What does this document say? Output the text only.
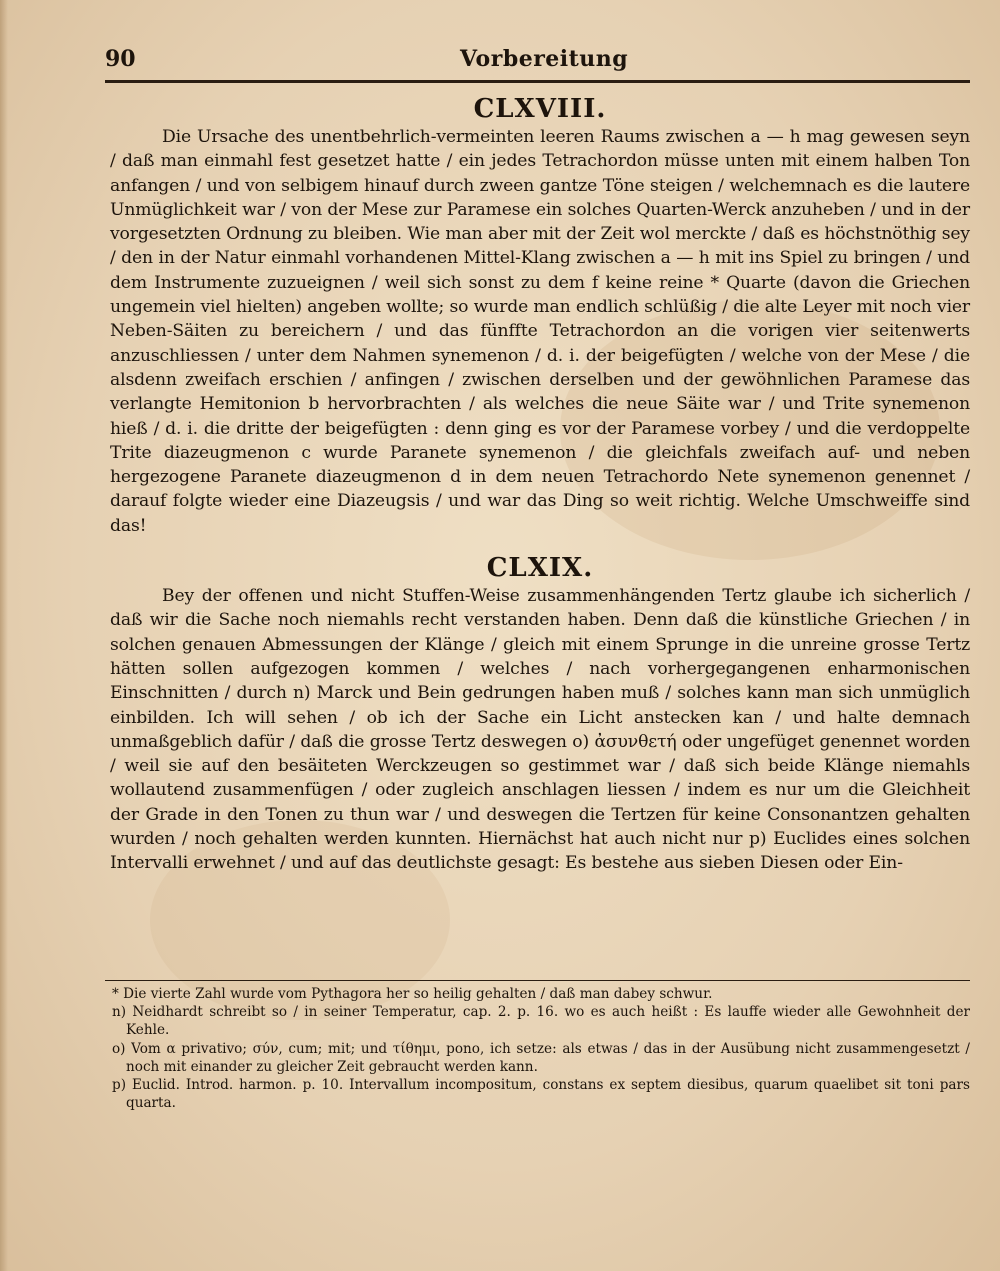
90	Vorbereitung
CLXVIII.

Die Ursache des unentbehrlich-vermeinten leeren Raums zwischen a — h mag gewesen seyn / daß man einmahl fest gesetzet hatte / ein jedes Tetrachordon müsse unten mit einem halben Ton anfangen / und von selbigem hinauf durch zween gantze Töne steigen / welchemnach es die lautere Unmüglichkeit war / von der Mese zur Paramese ein solches Quarten-Werck anzuheben / und in der vorgesetzten Ordnung zu bleiben. Wie man aber mit der Zeit wol merckte / daß es höchstnöthig sey / den in der Natur einmahl vorhandenen Mittel-Klang zwischen a — h mit ins Spiel zu bringen / und dem Instrumente zuzueignen / weil sich sonst zu dem f keine reine * Quarte (davon die Griechen ungemein viel hielten) angeben wollte; so wurde man endlich schlüßig / die alte Leyer mit noch vier Neben-Säiten zu bereichern / und das fünffte Tetrachordon an die vorigen vier seitenwerts anzuschliessen / unter dem Nahmen synemenon / d. i. der beigefügten / welche von der Mese / die alsdenn zweifach erschien / anfingen / zwischen derselben und der gewöhnlichen Paramese das verlangte Hemitonion b hervorbrachten / als welches die neue Säite war / und Trite synemenon hieß / d. i. die dritte der beigefügten : denn ging es vor der Paramese vorbey / und die verdoppelte Trite diazeugmenon c wurde Paranete synemenon / die gleichfals zweifach auf- und neben hergezogene Paranete diazeugmenon d in dem neuen Tetrachordo Nete synemenon genennet / darauf folgte wieder eine Diazeugsis / und war das Ding so weit richtig. Welche Umschweiffe sind das!

CLXIX.

Bey der offenen und nicht Stuffen-Weise zusammenhängenden Tertz glaube ich sicherlich / daß wir die Sache noch niemahls recht verstanden haben. Denn daß die künstliche Griechen / in solchen genauen Abmessungen der Klänge / gleich mit einem Sprunge in die unreine grosse Tertz hätten sollen aufgezogen kommen / welches / nach vorhergegangenen enharmonischen Einschnitten / durch n) Marck und Bein gedrungen haben muß / solches kann man sich unmüglich einbilden. Ich will sehen / ob ich der Sache ein Licht anstecken kan / und halte demnach unmaßgeblich dafür / daß die grosse Tertz deswegen o) ἀσυνθετή oder ungefüget genennet worden / weil sie auf den besäiteten Werckzeugen so gestimmet war / daß sich beide Klänge niemahls wollautend zusammenfügen / oder zugleich anschlagen liessen / indem es nur um die Gleichheit der Grade in den Tonen zu thun war / und deswegen die Tertzen für keine Consonantzen gehalten wurden / noch gehalten werden kunnten. Hiernächst hat auch nicht nur p) Euclides eines solchen Intervalli erwehnet / und auf das deutlichste gesagt: Es bestehe aus sieben Diesen oder Ein-

* Die vierte Zahl wurde vom Pythagora her so heilig gehalten / daß man dabey schwur.

n) Neidhardt schreibt so / in seiner Temperatur, cap. 2. p. 16. wo es auch heißt : Es lauffe wieder alle Gewohnheit der Kehle.

o) Vom α privativo; σύν, cum; mit; und τίθημι, pono, ich setze: als etwas / das in der Ausübung nicht zusammengesetzt / noch mit einander zu gleicher Zeit gebraucht werden kann.

p) Euclid. Introd. harmon. p. 10. Intervallum incompositum, constans ex septem diesibus, quarum quaelibet sit toni pars quarta.
